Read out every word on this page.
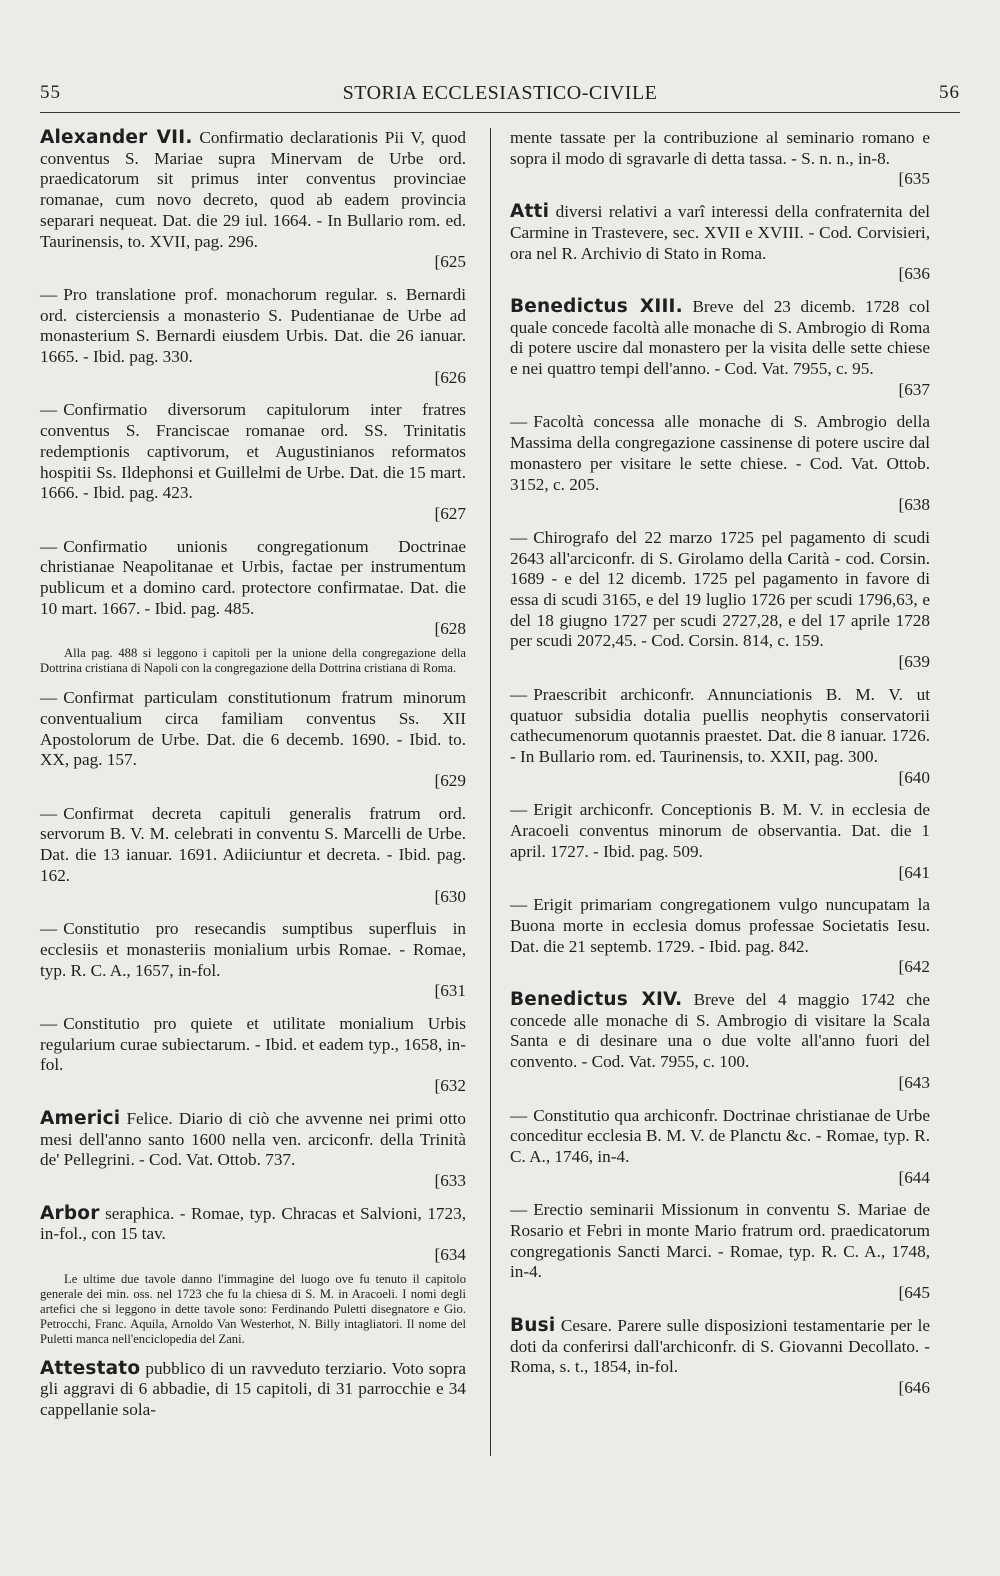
55	STORIA ECCLESIASTICO-CIVILE	56

Alexander VII. Confirmatio declarationis Pii V, quod conventus S. Mariae supra Minervam de Urbe ord. praedicatorum sit primus inter conventus provinciae romanae, cum novo decreto, quod ab eadem provincia separari nequeat. Dat. die 29 iul. 1664. - In Bullario rom. ed. Taurinensis, to. XVII, pag. 296.
[625

— Pro translatione prof. monachorum regular. s. Bernardi ord. cisterciensis a monasterio S. Pudentianae de Urbe ad monasterium S. Bernardi eiusdem Urbis. Dat. die 26 ianuar. 1665. - Ibid. pag. 330.
[626

— Confirmatio diversorum capitulorum inter fratres conventus S. Franciscae romanae ord. SS. Trinitatis redemptionis captivorum, et Augustinianos reformatos hospitii Ss. Ildephonsi et Guillelmi de Urbe. Dat. die 15 mart. 1666. - Ibid. pag. 423.
[627

— Confirmatio unionis congregationum Doctrinae christianae Neapolitanae et Urbis, factae per instrumentum publicum et a domino card. protectore confirmatae. Dat. die 10 mart. 1667. - Ibid. pag. 485.
[628

Alla pag. 488 si leggono i capitoli per la unione della congregazione della Dottrina cristiana di Napoli con la congregazione della Dottrina cristiana di Roma.

— Confirmat particulam constitutionum fratrum minorum conventualium circa familiam conventus Ss. XII Apostolorum de Urbe. Dat. die 6 decemb. 1690. - Ibid. to. XX, pag. 157.
[629

— Confirmat decreta capituli generalis fratrum ord. servorum B. V. M. celebrati in conventu S. Marcelli de Urbe. Dat. die 13 ianuar. 1691. Adiiciuntur et decreta. - Ibid. pag. 162.
[630

— Constitutio pro resecandis sumptibus superfluis in ecclesiis et monasteriis monialium urbis Romae. - Romae, typ. R. C. A., 1657, in-fol.
[631

— Constitutio pro quiete et utilitate monialium Urbis regularium curae subiectarum. - Ibid. et eadem typ., 1658, in-fol.
[632

Americi Felice. Diario di ciò che avvenne nei primi otto mesi dell'anno santo 1600 nella ven. arciconfr. della Trinità de' Pellegrini. - Cod. Vat. Ottob. 737.
[633

Arbor seraphica. - Romae, typ. Chracas et Salvioni, 1723, in-fol., con 15 tav.
[634

Le ultime due tavole danno l'immagine del luogo ove fu tenuto il capitolo generale dei min. oss. nel 1723 che fu la chiesa di S. M. in Aracoeli. I nomi degli artefici che si leggono in dette tavole sono: Ferdinando Puletti disegnatore e Gio. Petrocchi, Franc. Aquila, Arnoldo Van Westerhot, N. Billy intagliatori. Il nome del Puletti manca nell'enciclopedia del Zani.

Attestato pubblico di un ravveduto terziario. Voto sopra gli aggravi di 6 abbadie, di 15 capitoli, di 31 parrocchie e 34 cappellanie sola-

mente tassate per la contribuzione al seminario romano e sopra il modo di sgravarle di detta tassa. - S. n. n., in-8.
[635

Atti diversi relativi a varî interessi della confraternita del Carmine in Trastevere, sec. XVII e XVIII. - Cod. Corvisieri, ora nel R. Archivio di Stato in Roma.
[636

Benedictus XIII. Breve del 23 dicemb. 1728 col quale concede facoltà alle monache di S. Ambrogio di Roma di potere uscire dal monastero per la visita delle sette chiese e nei quattro tempi dell'anno. - Cod. Vat. 7955, c. 95.
[637

— Facoltà concessa alle monache di S. Ambrogio della Massima della congregazione cassinense di potere uscire dal monastero per visitare le sette chiese. - Cod. Vat. Ottob. 3152, c. 205.
[638

— Chirografo del 22 marzo 1725 pel pagamento di scudi 2643 all'arciconfr. di S. Girolamo della Carità - cod. Corsin. 1689 - e del 12 dicemb. 1725 pel pagamento in favore di essa di scudi 3165, e del 19 luglio 1726 per scudi 1796,63, e del 18 giugno 1727 per scudi 2727,28, e del 17 aprile 1728 per scudi 2072,45. - Cod. Corsin. 814, c. 159.
[639

— Praescribit archiconfr. Annunciationis B. M. V. ut quatuor subsidia dotalia puellis neophytis conservatorii cathecumenorum quotannis praestet. Dat. die 8 ianuar. 1726. - In Bullario rom. ed. Taurinensis, to. XXII, pag. 300.
[640

— Erigit archiconfr. Conceptionis B. M. V. in ecclesia de Aracoeli conventus minorum de observantia. Dat. die 1 april. 1727. - Ibid. pag. 509.
[641

— Erigit primariam congregationem vulgo nuncupatam la Buona morte in ecclesia domus professae Societatis Iesu. Dat. die 21 septemb. 1729. - Ibid. pag. 842.
[642

Benedictus XIV. Breve del 4 maggio 1742 che concede alle monache di S. Ambrogio di visitare la Scala Santa e di desinare una o due volte all'anno fuori del convento. - Cod. Vat. 7955, c. 100.
[643

— Constitutio qua archiconfr. Doctrinae christianae de Urbe conceditur ecclesia B. M. V. de Planctu &c. - Romae, typ. R. C. A., 1746, in-4.
[644

— Erectio seminarii Missionum in conventu S. Mariae de Rosario et Febri in monte Mario fratrum ord. praedicatorum congregationis Sancti Marci. - Romae, typ. R. C. A., 1748, in-4.
[645

Busi Cesare. Parere sulle disposizioni testamentarie per le doti da conferirsi dall'archiconfr. di S. Giovanni Decollato. - Roma, s. t., 1854, in-fol.
[646
